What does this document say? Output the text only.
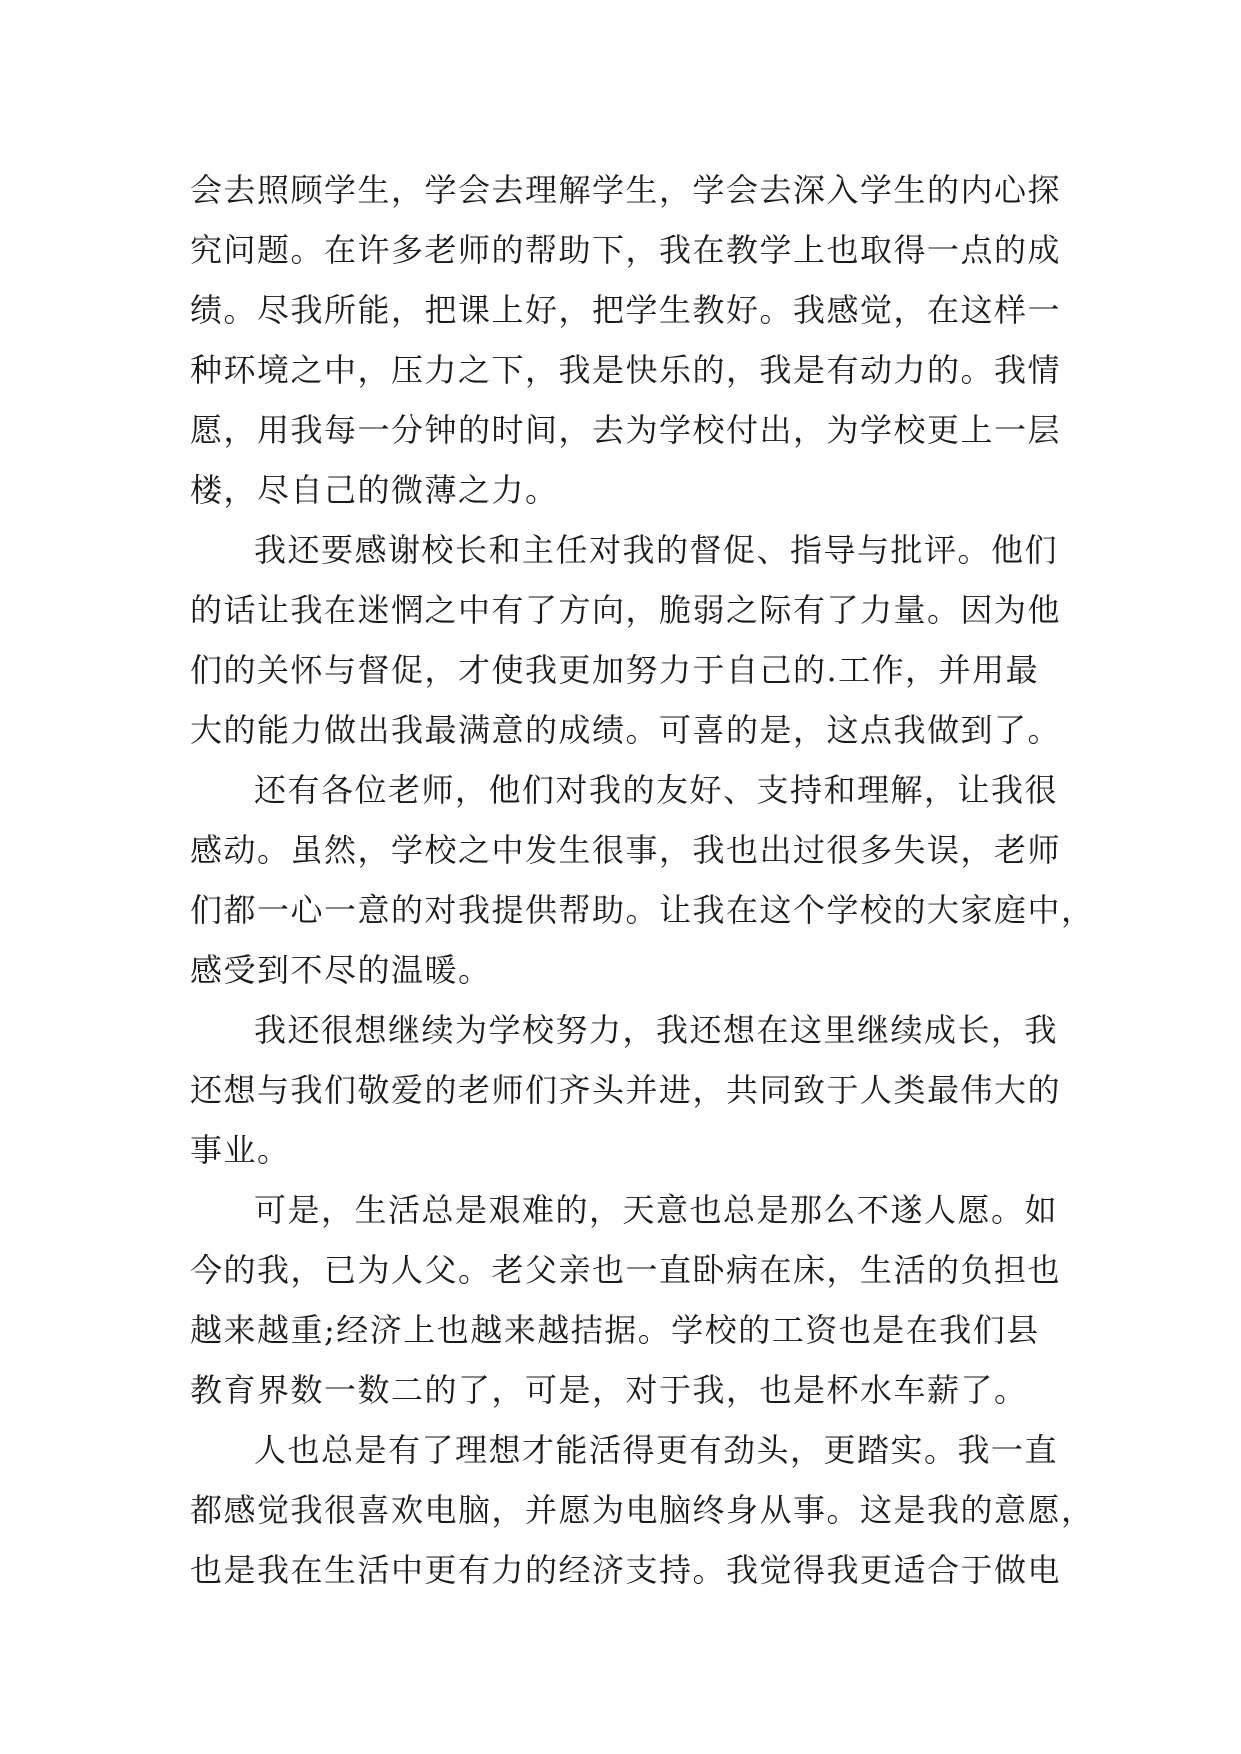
会去照顾学生，学会去理解学生，学会去深入学生的内心探
究问题。在许多老师的帮助下，我在教学上也取得一点的成
绩。尽我所能，把课上好，把学生教好。我感觉，在这样一
种环境之中，压力之下，我是快乐的，我是有动力的。我情
愿，用我每一分钟的时间，去为学校付出，为学校更上一层
楼，尽自己的微薄之力。
我还要感谢校长和主任对我的督促、指导与批评。他们
的话让我在迷惘之中有了方向，脆弱之际有了力量。因为他
们的关怀与督促，才使我更加努力于自己的.工作，并用最
大的能力做出我最满意的成绩。可喜的是，这点我做到了。
还有各位老师，他们对我的友好、支持和理解，让我很
感动。虽然，学校之中发生很事，我也出过很多失误，老师
们都一心一意的对我提供帮助。让我在这个学校的大家庭中，
感受到不尽的温暖。
我还很想继续为学校努力，我还想在这里继续成长，我
还想与我们敬爱的老师们齐头并进，共同致于人类最伟大的
事业。
可是，生活总是艰难的，天意也总是那么不遂人愿。如
今的我，已为人父。老父亲也一直卧病在床，生活的负担也
越来越重;经济上也越来越拮据。学校的工资也是在我们县
教育界数一数二的了，可是，对于我，也是杯水车薪了。
人也总是有了理想才能活得更有劲头，更踏实。我一直
都感觉我很喜欢电脑，并愿为电脑终身从事。这是我的意愿，
也是我在生活中更有力的经济支持。我觉得我更适合于做电
